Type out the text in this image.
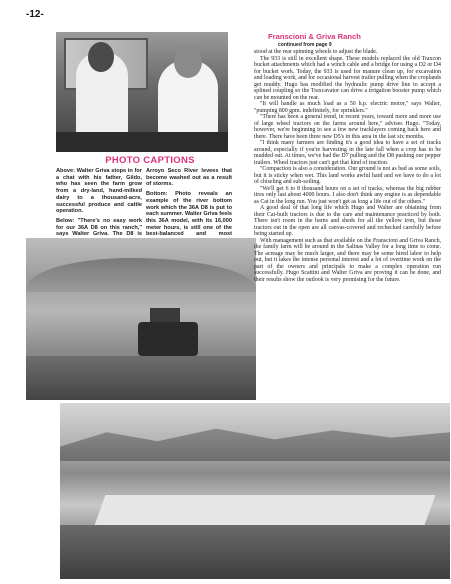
-12-
PHOTO CAPTIONS

Above: Walter Griva stops in for a chat with his father, Gildo, who has seen the farm grow from a dry-land, hand-milked dairy to a thousand-acre, successful produce and cattle operation.

Below: "There's no easy work for our 36A D8 on this ranch," says Walter Griva. The D8 is

Arroyo Seco River levees that become washed out as a result of storms.

Bottom: Photo reveals an example of the river bottom work which the 36A D8 is put to each summer. Walter Griva feels this 36A model, with its 16,000 meter hours, is still one of the best-balanced and most

Franscioni & Griva Ranch
continued from page 9

stood at the rear spinning wheels to adjust the blade.

The 933 is still in excellent shape. These models replaced the old Traxcon bucket attachments which had a winch cable and a bridge for using a D2 or D4 for bucket work. Today, the 933 is used for manure clean up, for excavation and loading work, and for occasional harvest trailer pulling when the croplands get muddy. Hugo has modified the hydraulic pump drive line to accept a splined coupling so the Traxcavator can drive a irrigation booster pump which can be mounted on the rear.

"It will handle as much load as a 50 h.p. electric motor," says Walter, "pumping 800 gpm. indefinitely, for sprinklers."

"There has been a general trend, in recent years, toward more and more use of large wheel tractors on the farms around here," advises Hugo. "Today, however, we're beginning to see a few new tracklayers coming back here and there. There have been three new D5's in this area in the last six months.

"I think many farmers are finding it's a good idea to have a set of tracks around, especially if you're harvesting in the late fall when a crop has to be mudded out. At times, we've had the D7 pulling and the D8 pushing our pepper trailers. Wheel tractors just can't get that kind of traction.

"Compaction is also a consideration. Our ground is not as bad as some soils, but it is sticky when wet. This land works awful hard and we have to do a lot of chiseling and sub-soiling.

"We'll get 6 to 8 thousand hours on a set of tracks, whereas the big rubber tires only last about 4000 hours. I also don't think any engine is as dependable as Cat in the long run. You just won't get as long a life out of the others."

A good deal of that long life which Hugo and Walter are obtaining from their Cat-built tractors is due to the care and maintenance practiced by both. There isn't room in the barns and sheds for all the yellow iron, but those tractors out in the open are all canvas-covered and rechecked carefully before being started up.

With management such as that available on the Franscioni and Griva Ranch, the family farm will be around in the Salinas Valley for a long time to come. The acreage may be much larger, and there may be some hired labor to help out, but it takes the intense personal interest and a lot of overtime work on the part of the owners and principals to make a complex operation run successfully. Hugo Scattini and Walter Griva are proving it can be done, and their results show the outlook is very promising for the future.
